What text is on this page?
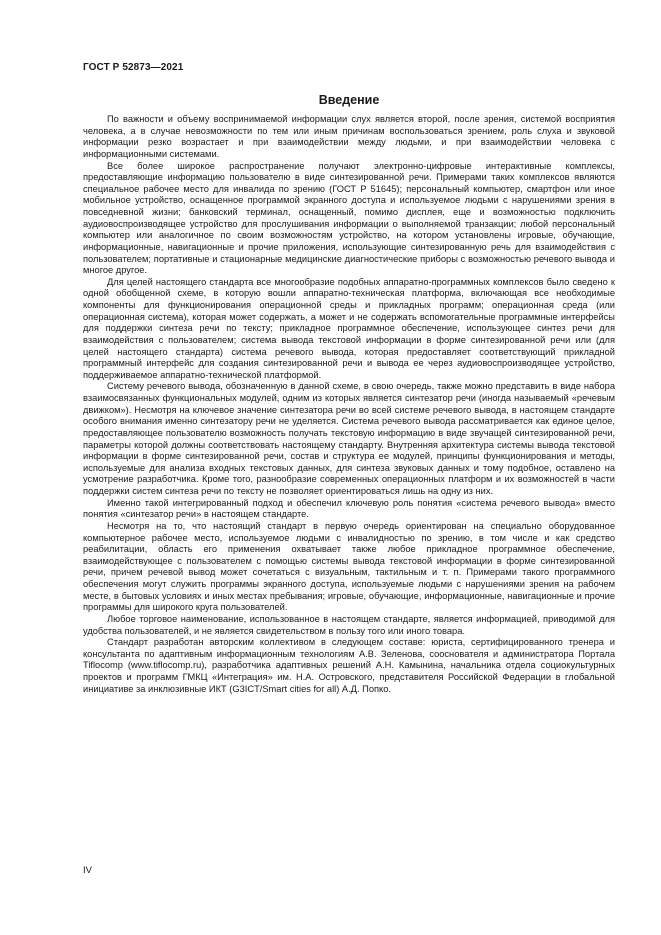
ГОСТ Р 52873—2021
Введение

По важности и объему воспринимаемой информации слух является второй, после зрения, системой восприятия человека, а в случае невозможности по тем или иным причинам воспользоваться зрением, роль слуха и звуковой информации резко возрастает и при взаимодействии между людьми, и при взаимодействии человека с информационными системами.

Все более широкое распространение получают электронно-цифровые интерактивные комплексы, предоставляющие информацию пользователю в виде синтезированной речи. Примерами таких комплексов являются специальное рабочее место для инвалида по зрению (ГОСТ Р 51645); персональный компьютер, смартфон или иное мобильное устройство, оснащенное программой экранного доступа и используемое людьми с нарушениями зрения в повседневной жизни; банковский терминал, оснащенный, помимо дисплея, еще и возможностью подключить аудиовоспроизводящее устройство для прослушивания информации о выполняемой транзакции; любой персональный компьютер или аналогичное по своим возможностям устройство, на котором установлены игровые, обучающие, информационные, навигационные и прочие приложения, использующие синтезированную речь для взаимодействия с пользователем; портативные и стационарные медицинские диагностические приборы с возможностью речевого вывода и многое другое.

Для целей настоящего стандарта все многообразие подобных аппаратно-программных комплексов было сведено к одной обобщенной схеме, в которую вошли аппаратно-техническая платформа, включающая все необходимые компоненты для функционирования операционной среды и прикладных программ; операционная среда (или операционная система), которая может содержать, а может и не содержать вспомогательные программные интерфейсы для поддержки синтеза речи по тексту; прикладное программное обеспечение, использующее синтез речи для взаимодействия с пользователем; система вывода текстовой информации в форме синтезированной речи или (для целей настоящего стандарта) система речевого вывода, которая предоставляет соответствующий прикладной программный интерфейс для создания синтезированной речи и вывода ее через аудиовоспроизводящее устройство, поддерживаемое аппаратно-технической платформой.

Систему речевого вывода, обозначенную в данной схеме, в свою очередь, также можно представить в виде набора взаимосвязанных функциональных модулей, одним из которых является синтезатор речи (иногда называемый «речевым движком»). Несмотря на ключевое значение синтезатора речи во всей системе речевого вывода, в настоящем стандарте особого внимания именно синтезатору речи не уделяется. Система речевого вывода рассматривается как единое целое, предоставляющее пользователю возможность получать текстовую информацию в виде звучащей синтезированной речи, параметры которой должны соответствовать настоящему стандарту. Внутренняя архитектура системы вывода текстовой информации в форме синтезированной речи, состав и структура ее модулей, принципы функционирования и методы, используемые для анализа входных текстовых данных, для синтеза звуковых данных и тому подобное, оставлено на усмотрение разработчика. Кроме того, разнообразие современных операционных платформ и их возможностей в части поддержки систем синтеза речи по тексту не позволяет ориентироваться лишь на одну из них.

Именно такой интегрированный подход и обеспечил ключевую роль понятия «система речевого вывода» вместо понятия «синтезатор речи» в настоящем стандарте.

Несмотря на то, что настоящий стандарт в первую очередь ориентирован на специально оборудованное компьютерное рабочее место, используемое людьми с инвалидностью по зрению, в том числе и как средство реабилитации, область его применения охватывает также любое прикладное программное обеспечение, взаимодействующее с пользователем с помощью системы вывода текстовой информации в форме синтезированной речи, причем речевой вывод может сочетаться с визуальным, тактильным и т. п. Примерами такого программного обеспечения могут служить программы экранного доступа, используемые людьми с нарушениями зрения на рабочем месте, в бытовых условиях и иных местах пребывания; игровые, обучающие, информационные, навигационные и прочие программы для широкого круга пользователей.

Любое торговое наименование, использованное в настоящем стандарте, является информацией, приводимой для удобства пользователей, и не является свидетельством в пользу того или иного товара.

Стандарт разработан авторским коллективом в следующем составе: юриста, сертифицированного тренера и консультанта по адаптивным информационным технологиям А.В. Зеленова, сооснователя и администратора Портала Tiflocomp (www.tiflocomp.ru), разработчика адаптивных решений А.Н. Камынина, начальника отдела социокультурных проектов и программ ГМКЦ «Интеграция» им. Н.А. Островского, представителя Российской Федерации в глобальной инициативе за инклюзивные ИКТ (G3ICT/Smart cities for all) А.Д. Попко.

IV
